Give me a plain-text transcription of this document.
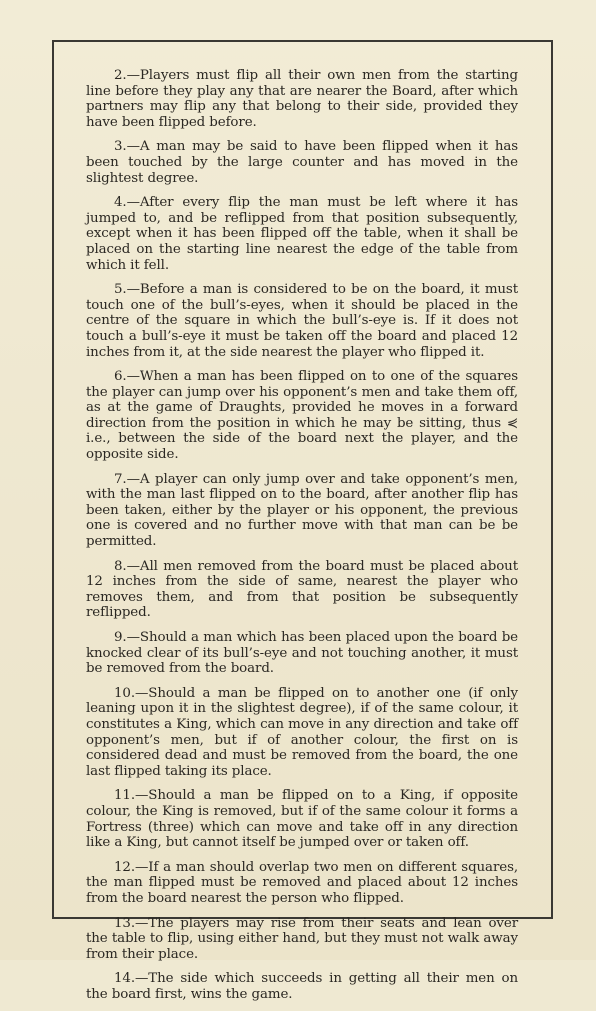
2.—Players must flip all their own men from the starting line before they play any that are nearer the Board, after which partners may flip any that belong to their side, provided they have been flipped before.

3.—A man may be said to have been flipped when it has been touched by the large counter and has moved in the slightest degree.

4.—After every flip the man must be left where it has jumped to, and be reflipped from that position subsequently, except when it has been flipped off the table, when it shall be placed on the starting line nearest the edge of the table from which it fell.

5.—Before a man is considered to be on the board, it must touch one of the bull’s-eyes, when it should be placed in the centre of the square in which the bull’s-eye is. If it does not touch a bull’s-eye it must be taken off the board and placed 12 inches from it, at the side nearest the player who flipped it.

6.—When a man has been flipped on to one of the squares the player can jump over his opponent’s men and take them off, as at the game of Draughts, provided he moves in a forward direction from the position in which he may be sitting, thus ⋞ i.e., between the side of the board next the player, and the opposite side.

7.—A player can only jump over and take opponent’s men, with the man last flipped on to the board, after another flip has been taken, either by the player or his opponent, the previous one is covered and no further move with that man can be be permitted.

8.—All men removed from the board must be placed about 12 inches from the side of same, nearest the player who removes them, and from that position be subsequently reflipped.

9.—Should a man which has been placed upon the board be knocked clear of its bull’s-eye and not touching another, it must be removed from the board.

10.—Should a man be flipped on to another one (if only leaning upon it in the slightest degree), if of the same colour, it constitutes a King, which can move in any direction and take off opponent’s men, but if of another colour, the first on is considered dead and must be removed from the board, the one last flipped taking its place.

11.—Should a man be flipped on to a King, if opposite colour, the King is removed, but if of the same colour it forms a Fortress (three) which can move and take off in any direction like a King, but cannot itself be jumped over or taken off.

12.—If a man should overlap two men on different squares, the man flipped must be removed and placed about 12 inches from the board nearest the person who flipped.

13.—The players may rise from their seats and lean over the table to flip, using either hand, but they must not walk away from their place.

14.—The side which succeeds in getting all their men on the board first, wins the game.
